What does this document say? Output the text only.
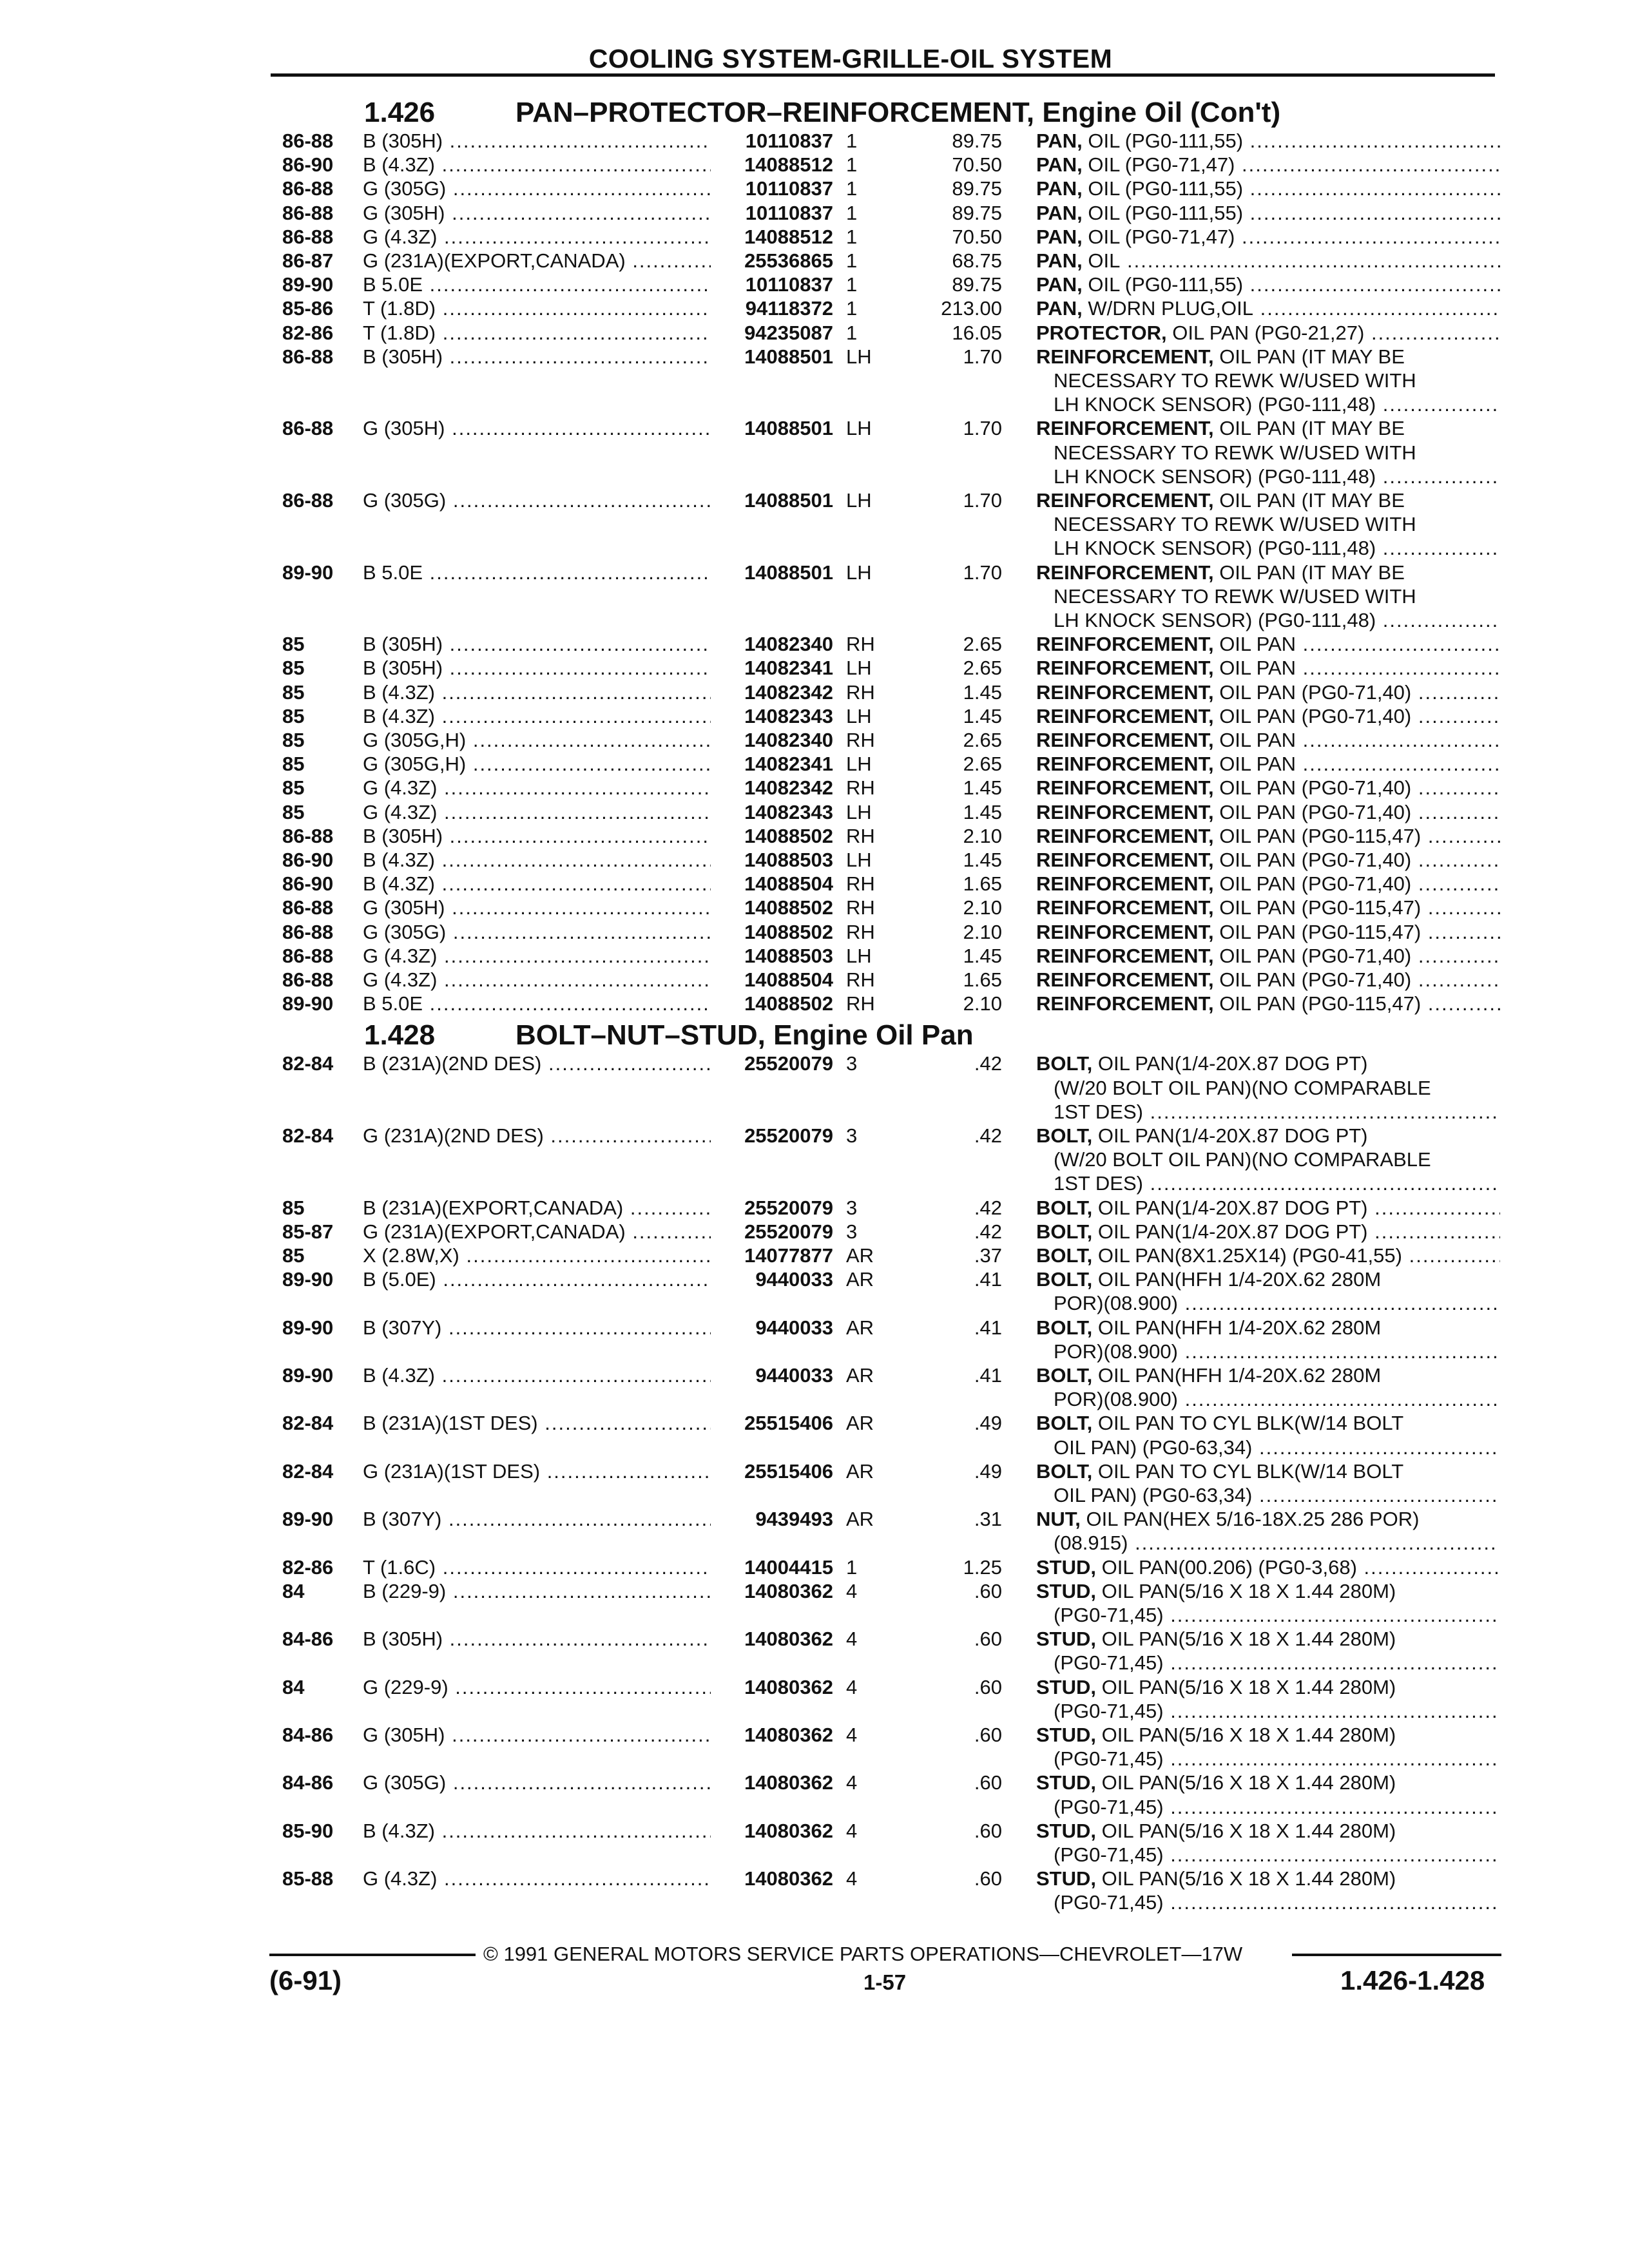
COOLING SYSTEM-GRILLE-OIL SYSTEM
1.426	PAN–PROTECTOR–REINFORCEMENT, Engine Oil (Con't)
86-88 B (305H) .....	10110837 1	89.75 PAN, OIL (PG0-111,55) .....
86-90 B (4.3Z) .....	14088512 1	70.50 PAN, OIL (PG0-71,47) .....
86-88 G (305G) .....	10110837 1	89.75 PAN, OIL (PG0-111,55) .....
86-88 G (305H) .....	10110837 1	89.75 PAN, OIL (PG0-111,55) .....
86-88 G (4.3Z) .....	14088512 1	70.50 PAN, OIL (PG0-71,47) .....
86-87 G (231A)(EXPORT,CANADA) .....	25536865 1	68.75 PAN, OIL .....
89-90 B 5.0E .....	10110837 1	89.75 PAN, OIL (PG0-111,55) .....
85-86 T (1.8D) .....	94118372 1	213.00 PAN, W/DRN PLUG,OIL .....
82-86 T (1.8D) .....	94235087 1	16.05 PROTECTOR, OIL PAN (PG0-21,27) .....
86-88 B (305H) .....	14088501 LH	1.70 REINFORCEMENT, OIL PAN (IT MAY BE
NECESSARY TO REWK W/USED WITH
LH KNOCK SENSOR) (PG0-111,48) .....
86-88 G (305H) .....	14088501 LH	1.70 REINFORCEMENT, OIL PAN (IT MAY BE
NECESSARY TO REWK W/USED WITH
LH KNOCK SENSOR) (PG0-111,48) .....
86-88 G (305G) .....	14088501 LH	1.70 REINFORCEMENT, OIL PAN (IT MAY BE
NECESSARY TO REWK W/USED WITH
LH KNOCK SENSOR) (PG0-111,48) .....
89-90 B 5.0E .....	14088501 LH	1.70 REINFORCEMENT, OIL PAN (IT MAY BE
NECESSARY TO REWK W/USED WITH
LH KNOCK SENSOR) (PG0-111,48) .....
85	B (305H) .....	14082340 RH	2.65 REINFORCEMENT, OIL PAN .....
85	B (305H) .....	14082341 LH	2.65 REINFORCEMENT, OIL PAN .....
85	B (4.3Z) .....	14082342 RH	1.45 REINFORCEMENT, OIL PAN (PG0-71,40) .....
85	B (4.3Z) .....	14082343 LH	1.45 REINFORCEMENT, OIL PAN (PG0-71,40) .....
85	G (305G,H) .....	14082340 RH	2.65 REINFORCEMENT, OIL PAN .....
85	G (305G,H) .....	14082341 LH	2.65 REINFORCEMENT, OIL PAN .....
85	G (4.3Z) .....	14082342 RH	1.45 REINFORCEMENT, OIL PAN (PG0-71,40) .....
85	G (4.3Z) .....	14082343 LH	1.45 REINFORCEMENT, OIL PAN (PG0-71,40) .....
86-88 B (305H) .....	14088502 RH	2.10 REINFORCEMENT, OIL PAN (PG0-115,47) .....
86-90 B (4.3Z) .....	14088503 LH	1.45 REINFORCEMENT, OIL PAN (PG0-71,40) .....
86-90 B (4.3Z) .....	14088504 RH	1.65 REINFORCEMENT, OIL PAN (PG0-71,40) .....
86-88 G (305H) .....	14088502 RH	2.10 REINFORCEMENT, OIL PAN (PG0-115,47) .....
86-88 G (305G) .....	14088502 RH	2.10 REINFORCEMENT, OIL PAN (PG0-115,47) .....
86-88 G (4.3Z) .....	14088503 LH	1.45 REINFORCEMENT, OIL PAN (PG0-71,40) .....
86-88 G (4.3Z) .....	14088504 RH	1.65 REINFORCEMENT, OIL PAN (PG0-71,40) .....
89-90 B 5.0E .....	14088502 RH	2.10 REINFORCEMENT, OIL PAN (PG0-115,47) .....
1.428	BOLT–NUT–STUD, Engine Oil Pan
82-84 B (231A)(2ND DES) .....	25520079 3	.42 BOLT, OIL PAN(1/4-20X.87 DOG PT)
(W/20 BOLT OIL PAN)(NO COMPARABLE
1ST DES) .....
82-84 G (231A)(2ND DES) .....	25520079 3	.42 BOLT, OIL PAN(1/4-20X.87 DOG PT)
(W/20 BOLT OIL PAN)(NO COMPARABLE
1ST DES) .....
85	B (231A)(EXPORT,CANADA) .....	25520079 3	.42 BOLT, OIL PAN(1/4-20X.87 DOG PT) .....
85-87 G (231A)(EXPORT,CANADA) .....	25520079 3	.42 BOLT, OIL PAN(1/4-20X.87 DOG PT) .....
85	X (2.8W,X) .....	14077877 AR	.37 BOLT, OIL PAN(8X1.25X14) (PG0-41,55) .....
89-90 B (5.0E) .....	9440033 AR	.41 BOLT, OIL PAN(HFH 1/4-20X.62 280M
POR)(08.900) .....
89-90 B (307Y) .....	9440033 AR	.41 BOLT, OIL PAN(HFH 1/4-20X.62 280M
POR)(08.900) .....
89-90 B (4.3Z) .....	9440033 AR	.41 BOLT, OIL PAN(HFH 1/4-20X.62 280M
POR)(08.900) .....
82-84 B (231A)(1ST DES) .....	25515406 AR	.49 BOLT, OIL PAN TO CYL BLK(W/14 BOLT
OIL PAN) (PG0-63,34) .....
82-84 G (231A)(1ST DES) .....	25515406 AR	.49 BOLT, OIL PAN TO CYL BLK(W/14 BOLT
OIL PAN) (PG0-63,34) .....
89-90 B (307Y) .....	9439493 AR	.31 NUT, OIL PAN(HEX 5/16-18X.25 286 POR)
(08.915) .....
82-86 T (1.6C) .....	14004415 1	1.25 STUD, OIL PAN(00.206) (PG0-3,68) .....
84	B (229-9) .....	14080362 4	.60 STUD, OIL PAN(5/16 X 18 X 1.44 280M)
(PG0-71,45) .....
84-86 B (305H) .....	14080362 4	.60 STUD, OIL PAN(5/16 X 18 X 1.44 280M)
(PG0-71,45) .....
84	G (229-9) .....	14080362 4	.60 STUD, OIL PAN(5/16 X 18 X 1.44 280M)
(PG0-71,45) .....
84-86 G (305H) .....	14080362 4	.60 STUD, OIL PAN(5/16 X 18 X 1.44 280M)
(PG0-71,45) .....
84-86 G (305G) .....	14080362 4	.60 STUD, OIL PAN(5/16 X 18 X 1.44 280M)
(PG0-71,45) .....
85-90 B (4.3Z) .....	14080362 4	.60 STUD, OIL PAN(5/16 X 18 X 1.44 280M)
(PG0-71,45) .....
85-88 G (4.3Z) .....	14080362 4	.60 STUD, OIL PAN(5/16 X 18 X 1.44 280M)
(PG0-71,45) .....
© 1991 GENERAL MOTORS SERVICE PARTS OPERATIONS—CHEVROLET—17W
(6-91)	1-57	1.426-1.428
